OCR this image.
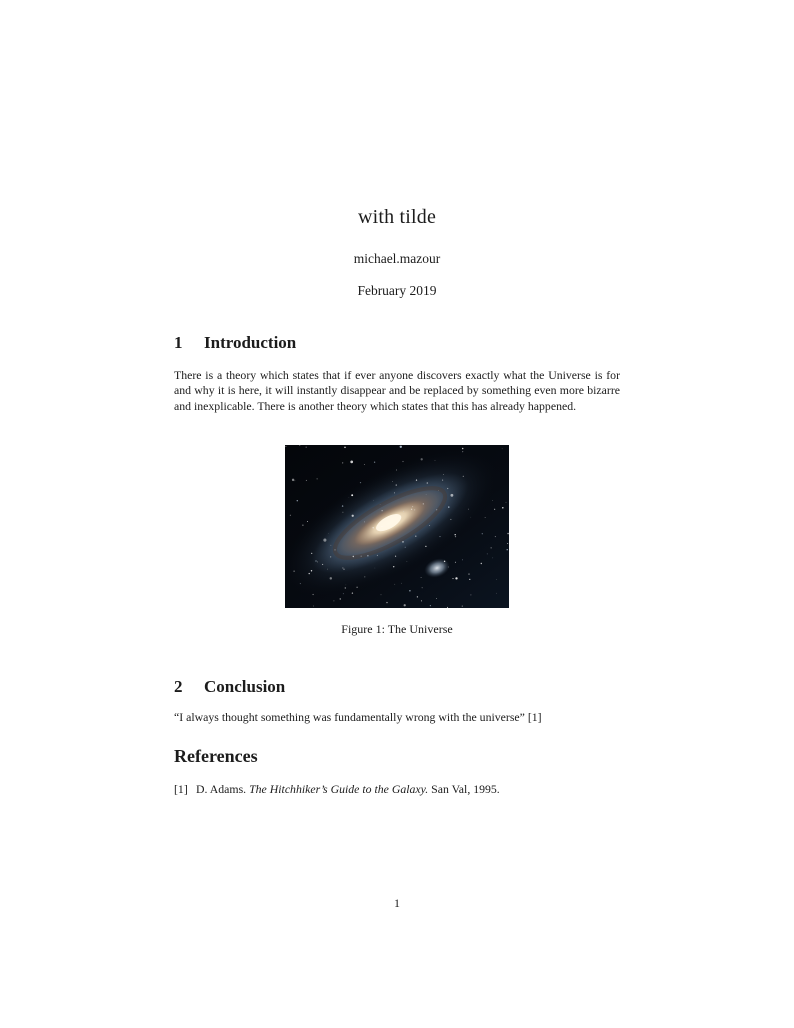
with tilde
michael.mazour
February 2019
1 Introduction
There is a theory which states that if ever anyone discovers exactly what the Universe is for and why it is here, it will instantly disappear and be replaced by something even more bizarre and inexplicable. There is another theory which states that this has already happened.
Figure 1: The Universe
2 Conclusion
“I always thought something was fundamentally wrong with the universe” [1]
References
[1] D. Adams. The Hitchhiker’s Guide to the Galaxy. San Val, 1995.
1
